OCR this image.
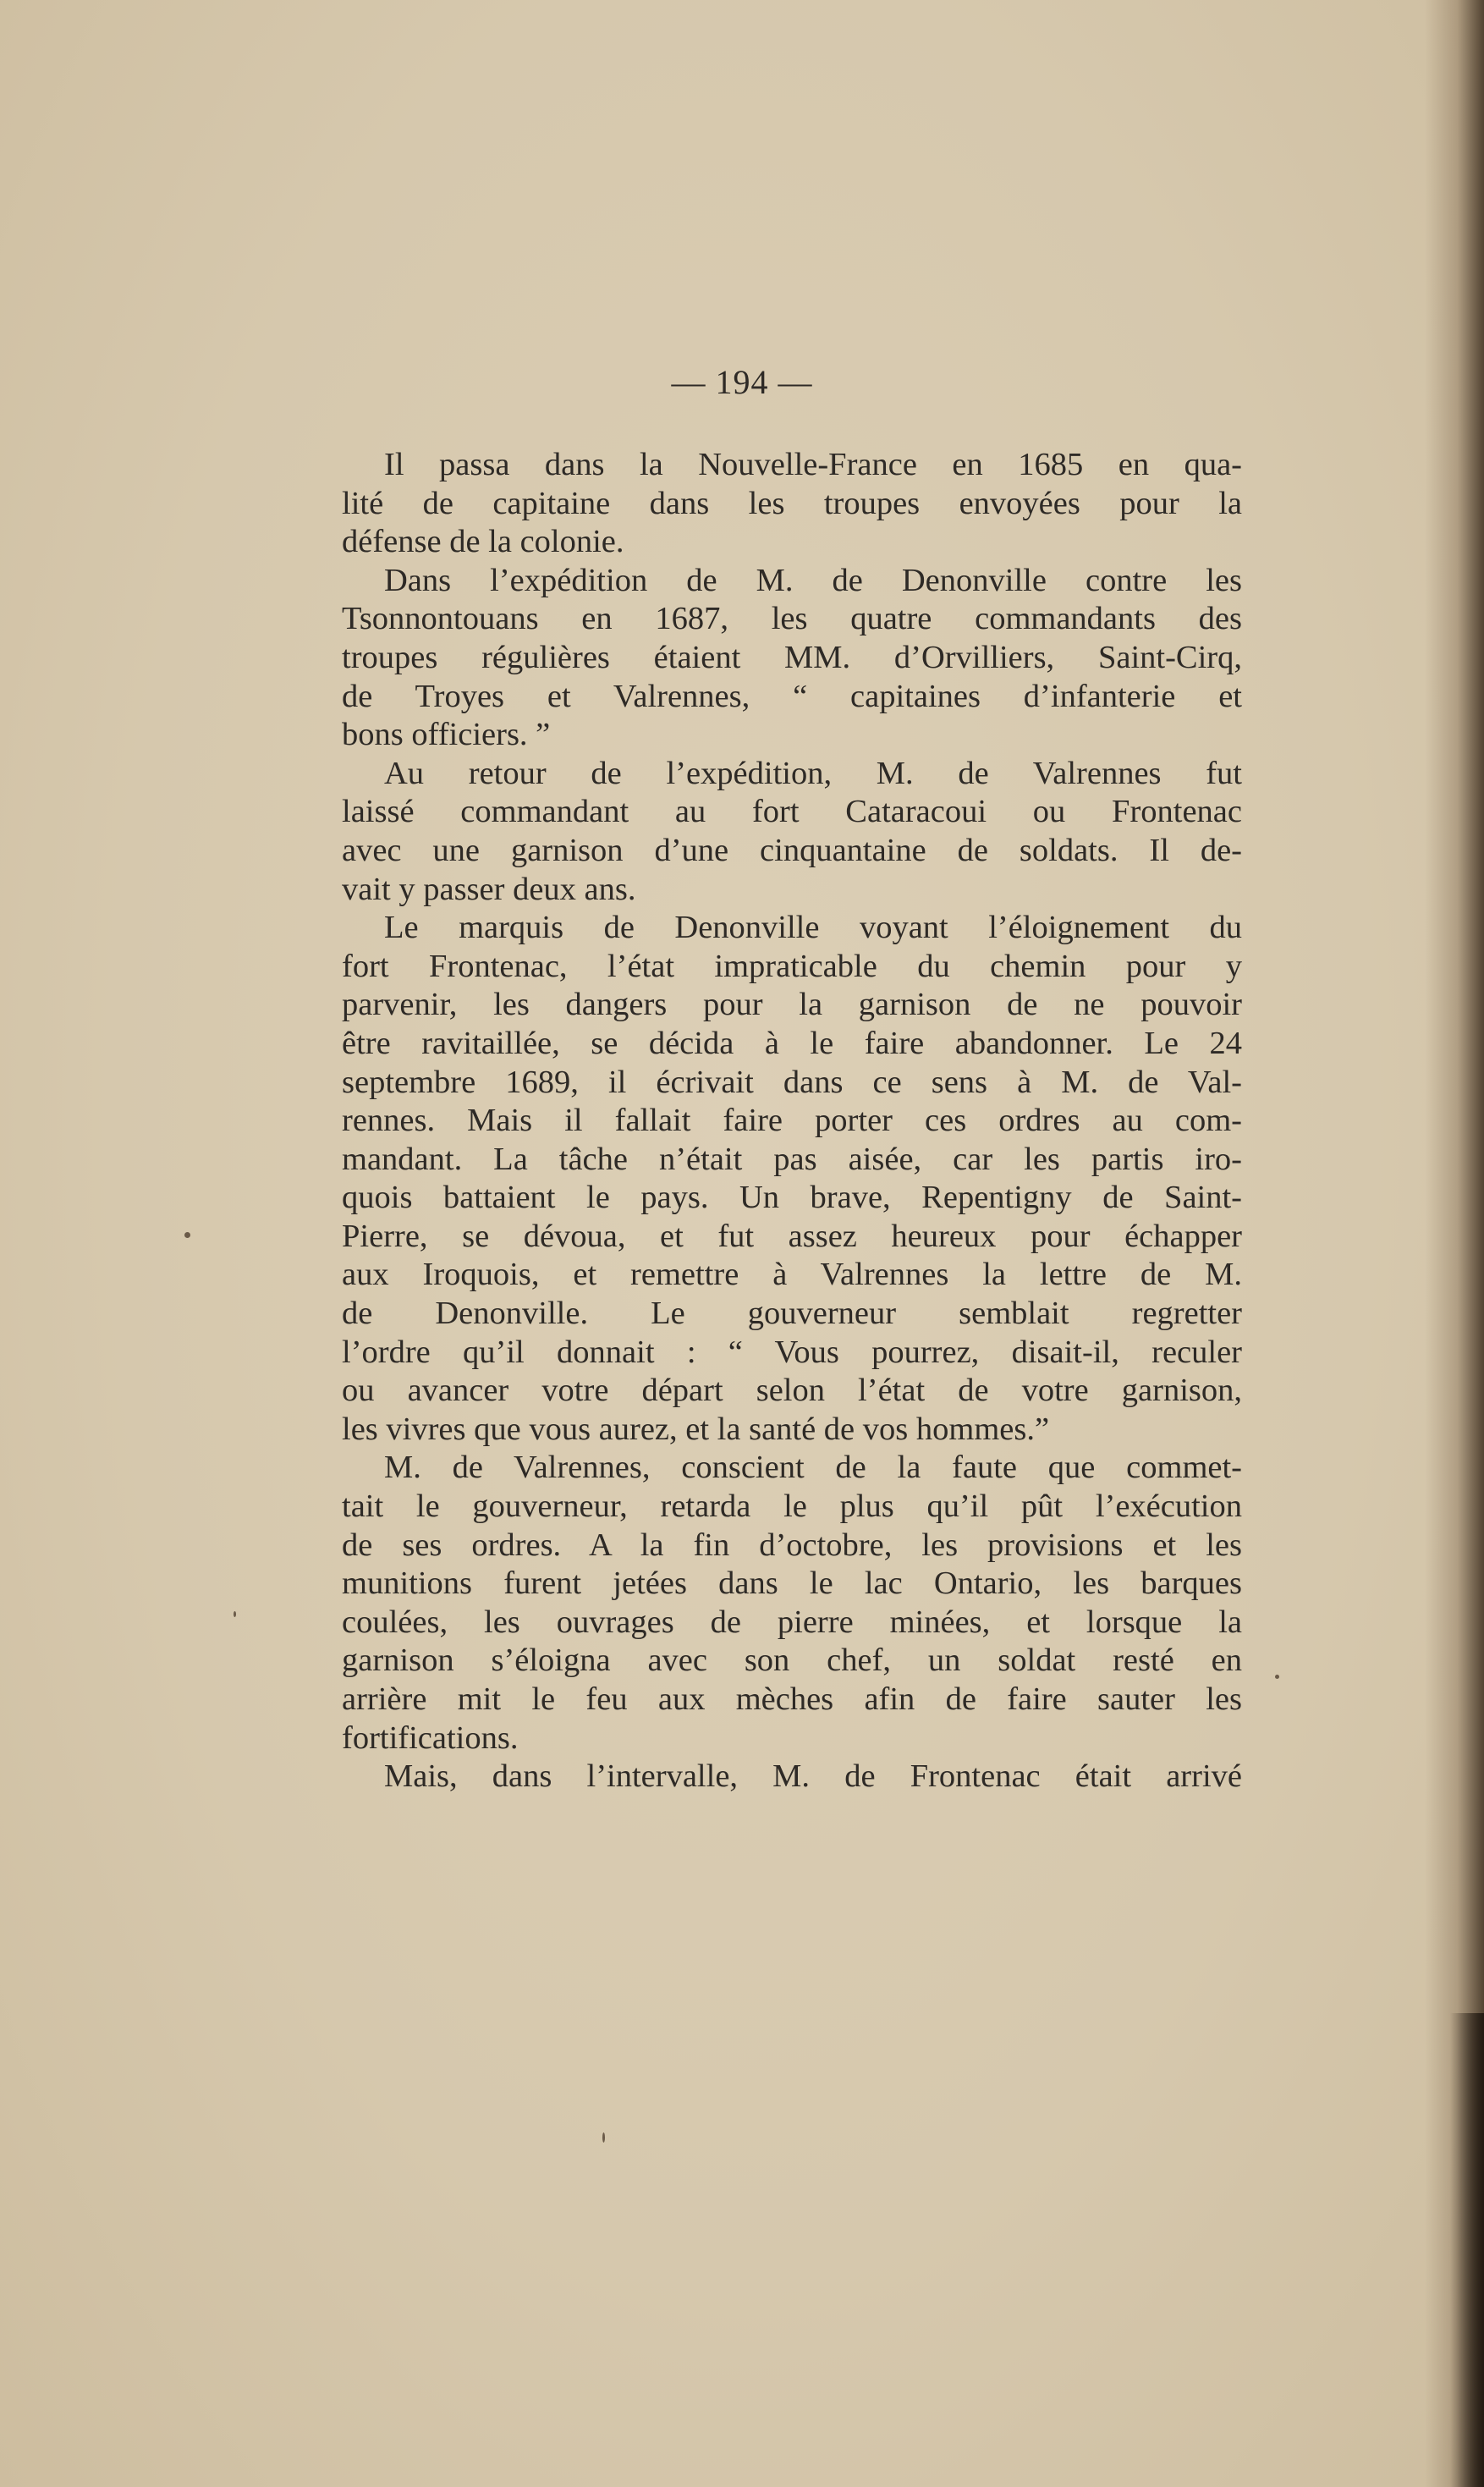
— 194 —
Il passa dans la Nouvelle-France en 1685 en qua-
lité de capitaine dans les troupes envoyées pour la
défense de la colonie.
Dans l’expédition de M. de Denonville contre les
Tsonnontouans en 1687, les quatre commandants des
troupes régulières étaient MM. d’Orvilliers, Saint-Cirq,
de Troyes et Valrennes, “ capitaines d’infanterie et
bons officiers. ”
Au retour de l’expédition, M. de Valrennes fut
laissé commandant au fort Cataracoui ou Frontenac
avec une garnison d’une cinquantaine de soldats. Il de-
vait y passer deux ans.
Le marquis de Denonville voyant l’éloignement du
fort Frontenac, l’état impraticable du chemin pour y
parvenir, les dangers pour la garnison de ne pouvoir
être ravitaillée, se décida à le faire abandonner. Le 24
septembre 1689, il écrivait dans ce sens à M. de Val-
rennes. Mais il fallait faire porter ces ordres au com-
mandant. La tâche n’était pas aisée, car les partis iro-
quois battaient le pays. Un brave, Repentigny de Saint-
Pierre, se dévoua, et fut assez heureux pour échapper
aux Iroquois, et remettre à Valrennes la lettre de M.
de Denonville. Le gouverneur semblait regretter
l’ordre qu’il donnait : “ Vous pourrez, disait-il, reculer
ou avancer votre départ selon l’état de votre garnison,
les vivres que vous aurez, et la santé de vos hommes.”
M. de Valrennes, conscient de la faute que commet-
tait le gouverneur, retarda le plus qu’il pût l’exécution
de ses ordres. A la fin d’octobre, les provisions et les
munitions furent jetées dans le lac Ontario, les barques
coulées, les ouvrages de pierre minées, et lorsque la
garnison s’éloigna avec son chef, un soldat resté en
arrière mit le feu aux mèches afin de faire sauter les
fortifications.
Mais, dans l’intervalle, M. de Frontenac était arrivé
